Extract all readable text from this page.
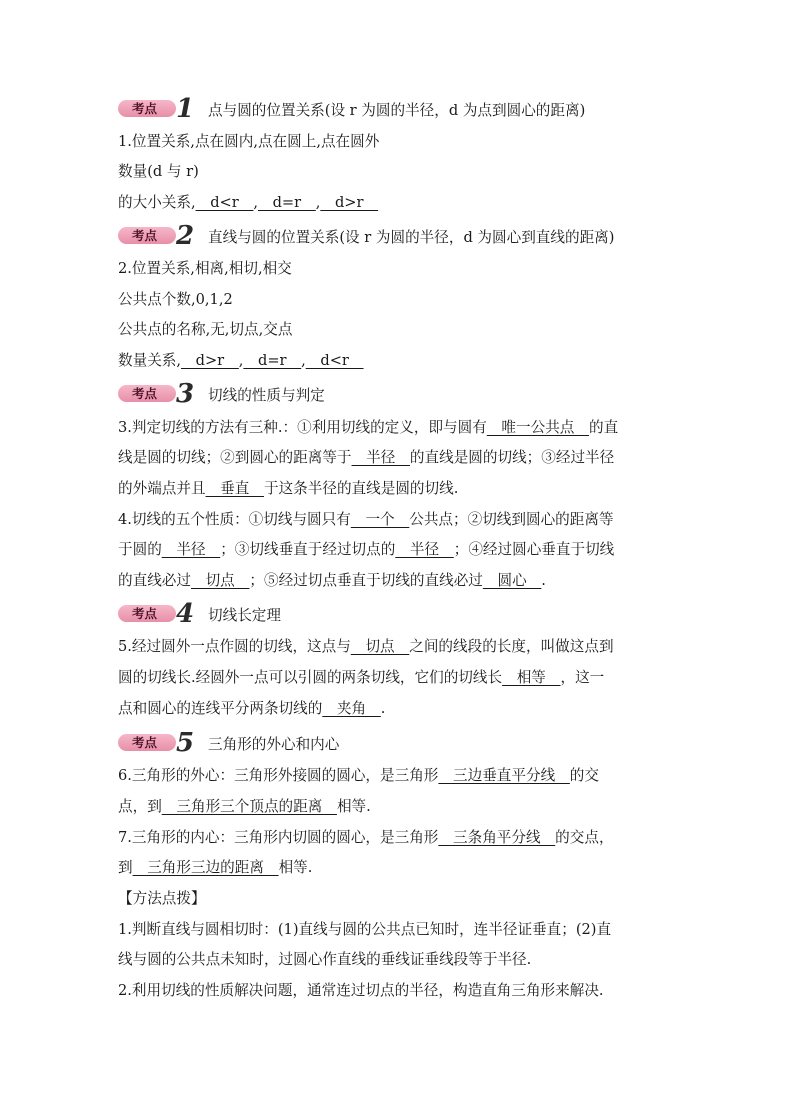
考点 1 点与圆的位置关系(设 r 为圆的半径，d 为点到圆心的距离)
1.位置关系,点在圆内,点在圆上,点在圆外
数量(d 与 r)
的大小关系,__d<r__,__d=r__,__d>r__
考点 2 直线与圆的位置关系(设 r 为圆的半径，d 为圆心到直线的距离)
2.位置关系,相离,相切,相交
公共点个数,0,1,2
公共点的名称,无,切点,交点
数量关系,__d>r__,__d=r__,__d<r__
考点 3 切线的性质与判定
3.判定切线的方法有三种.：①利用切线的定义，即与圆有__唯一公共点__的直
线是圆的切线；②到圆心的距离等于__半径__的直线是圆的切线；③经过半径
的外端点并且__垂直__于这条半径的直线是圆的切线.
4.切线的五个性质：①切线与圆只有__一个__公共点；②切线到圆心的距离等
于圆的__半径__；③切线垂直于经过切点的__半径__；④经过圆心垂直于切线
的直线必过__切点__；⑤经过切点垂直于切线的直线必过__圆心__.
考点 4 切线长定理
5.经过圆外一点作圆的切线，这点与__切点__之间的线段的长度，叫做这点到
圆的切线长.经圆外一点可以引圆的两条切线，它们的切线长__相等__，这一
点和圆心的连线平分两条切线的__夹角__.
考点 5 三角形的外心和内心
6.三角形的外心：三角形外接圆的圆心，是三角形__三边垂直平分线__的交
点，到__三角形三个顶点的距离__相等.
7.三角形的内心：三角形内切圆的圆心，是三角形__三条角平分线__的交点，
到__三角形三边的距离__相等.
【方法点拨】
1.判断直线与圆相切时：(1)直线与圆的公共点已知时，连半径证垂直；(2)直
线与圆的公共点未知时，过圆心作直线的垂线证垂线段等于半径.
2.利用切线的性质解决问题，通常连过切点的半径，构造直角三角形来解决.
